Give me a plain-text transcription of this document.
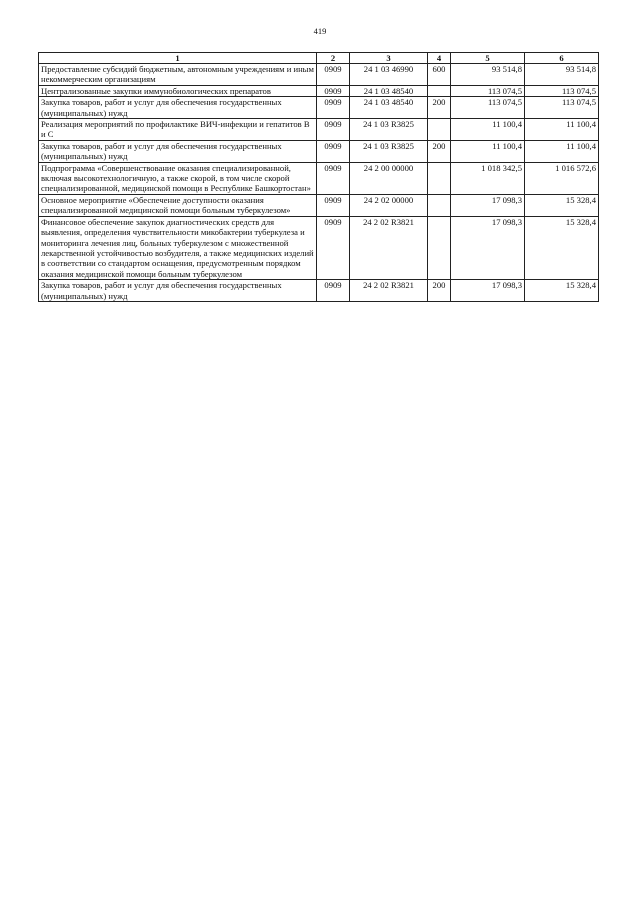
419
1	2	3	4	5	6
Предоставление субсидий бюджетным, автономным учреждениям и иным некоммерческим организациям	0909	24 1 03 46990	600	93 514,8	93 514,8
Централизованные закупки иммунобиологических препаратов	0909	24 1 03 48540		113 074,5	113 074,5
Закупка товаров, работ и услуг для обеспечения государственных (муниципальных) нужд	0909	24 1 03 48540	200	113 074,5	113 074,5
Реализация мероприятий по профилактике ВИЧ-инфекции и гепатитов В и С	0909	24 1 03 R3825		11 100,4	11 100,4
Закупка товаров, работ и услуг для обеспечения государственных (муниципальных) нужд	0909	24 1 03 R3825	200	11 100,4	11 100,4
Подпрограмма «Совершенствование оказания специализированной, включая высокотехнологичную, а также скорой, в том числе скорой специализированной, медицинской помощи в Республике Башкортостан»	0909	24 2 00 00000		1 018 342,5	1 016 572,6
Основное мероприятие «Обеспечение доступности оказания специализированной медицинской помощи больным туберкулезом»	0909	24 2 02 00000		17 098,3	15 328,4
Финансовое обеспечение закупок диагностических средств для выявления, определения чувствительности микобактерии туберкулеза и мониторинга лечения лиц, больных туберкулезом с множественной лекарственной устойчивостью возбудителя, а также медицинских изделий в соответствии со стандартом оснащения, предусмотренным порядком оказания медицинской помощи больным туберкулезом	0909	24 2 02 R3821		17 098,3	15 328,4
Закупка товаров, работ и услуг для обеспечения государственных (муниципальных) нужд	0909	24 2 02 R3821	200	17 098,3	15 328,4
